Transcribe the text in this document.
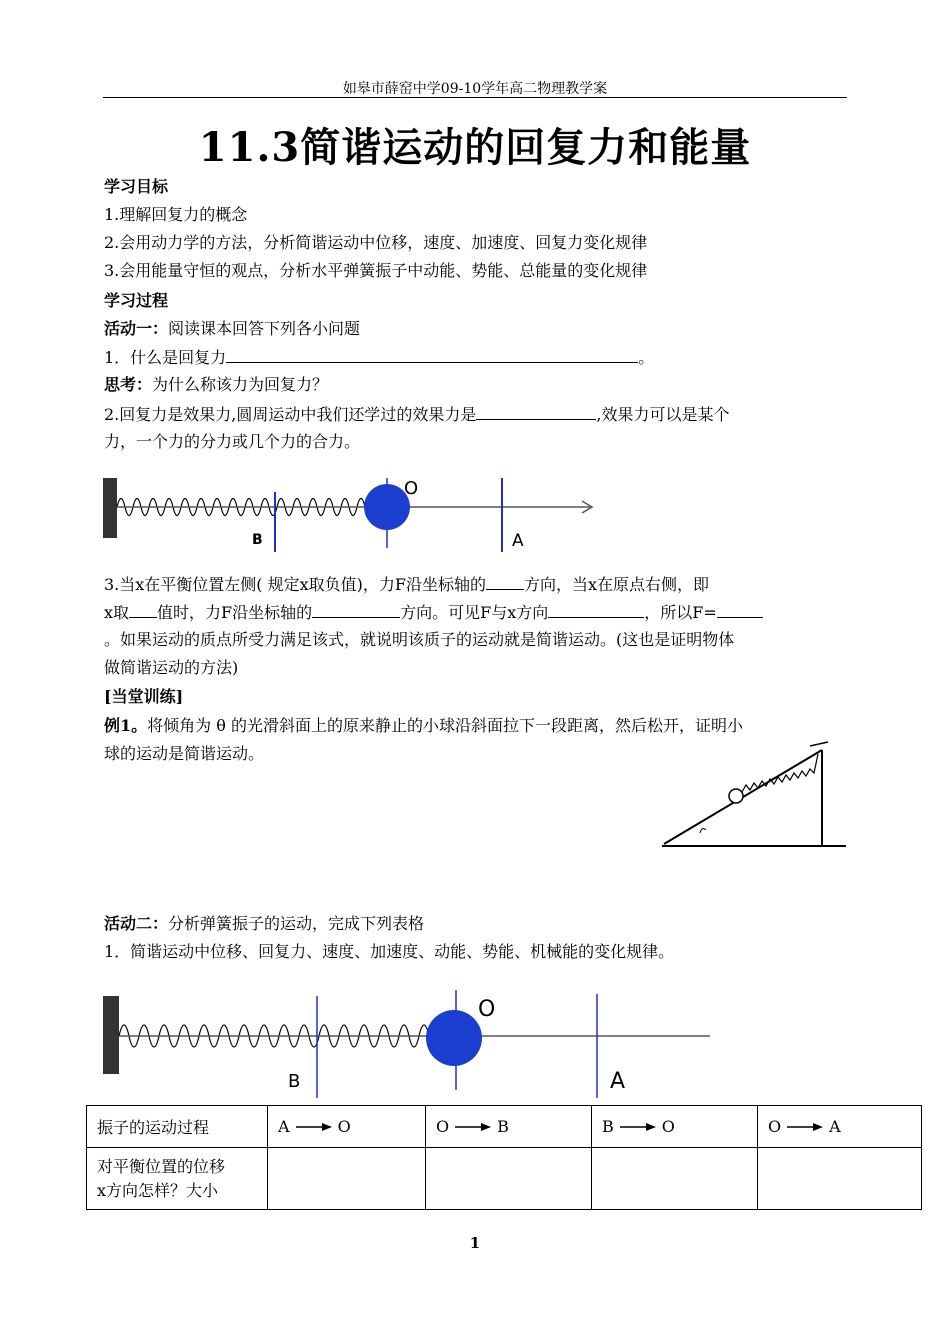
如皋市薛窑中学09-10学年高二物理教学案
11.3简谐运动的回复力和能量
学习目标
1.理解回复力的概念
2.会用动力学的方法，分析简谐运动中位移，速度、加速度、回复力变化规律
3.会用能量守恒的观点，分析水平弹簧振子中动能、势能、总能量的变化规律
学习过程
活动一：阅读课本回答下列各小问题
1．什么是回复力	。
思考：为什么称该力为回复力？
2.回复力是效果力,圆周运动中我们还学过的效果力是	,效果力可以是某个
力，一个力的分力或几个力的合力。
O
B	A
3.当x在平衡位置左侧( 规定x取负值)，力F沿坐标轴的 方向，当x在原点右侧，即
x取 值时，力F沿坐标轴的	方向。可见F与x方向	，所以F=
。如果运动的质点所受力满足该式，就说明该质子的运动就是简谐运动。(这也是证明物体
做简谐运动的方法)
[当堂训练]
例1。将倾角为 θ 的光滑斜面上的原来静止的小球沿斜面拉下一段距离，然后松开，证明小
球的运动是简谐运动。
活动二：分析弹簧振子的运动，完成下列表格
1．简谐运动中位移、回复力、速度、加速度、动能、势能、机械能的变化规律。
O
B	A
振子的运动过程	A O	O B	B O	O A

对平衡位置的位移
x方向怎样？大小				

1
